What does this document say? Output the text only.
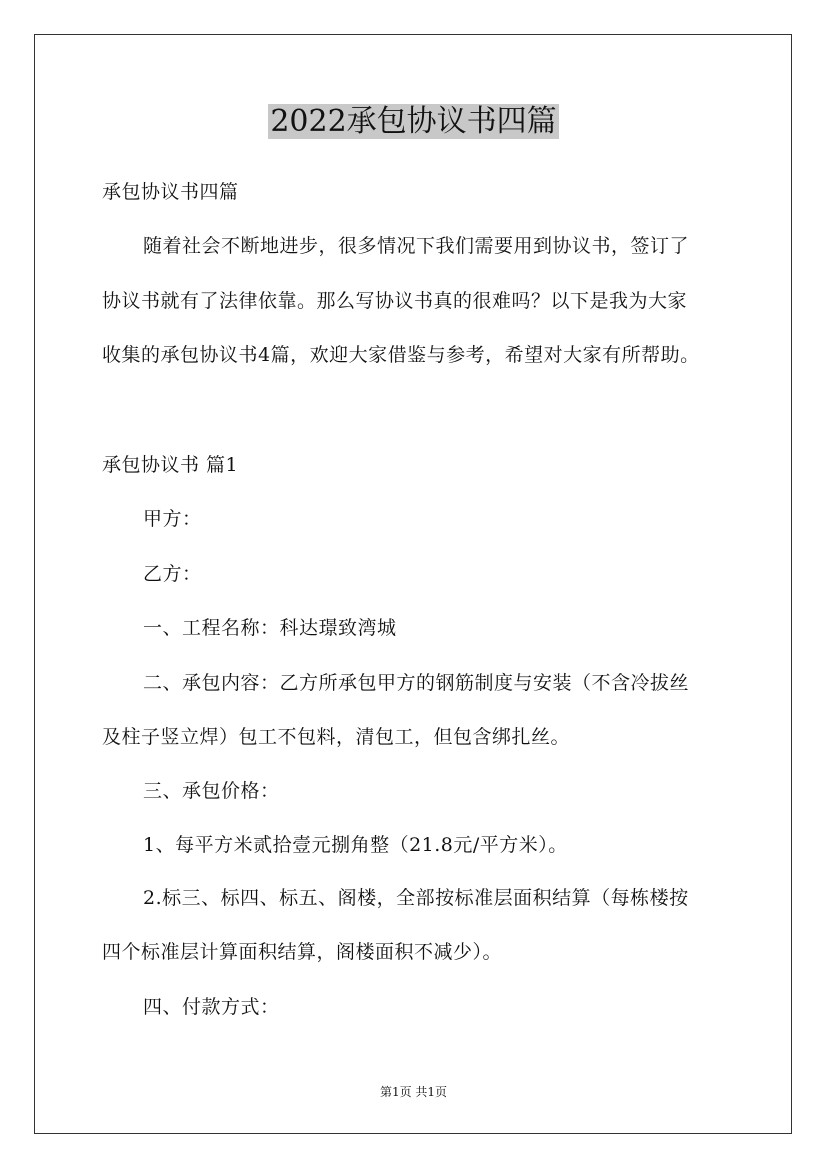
2022承包协议书四篇
承包协议书四篇
随着社会不断地进步，很多情况下我们需要用到协议书，签订了
协议书就有了法律依靠。那么写协议书真的很难吗？以下是我为大家
收集的承包协议书4篇，欢迎大家借鉴与参考，希望对大家有所帮助。
承包协议书 篇1
甲方：
乙方：
一、工程名称：科达璟致湾城
二、承包内容：乙方所承包甲方的钢筋制度与安装（不含冷拔丝
及柱子竖立焊）包工不包料，清包工，但包含绑扎丝。
三、承包价格：
1、每平方米贰拾壹元捌角整（21.8元/平方米）。
2.标三、标四、标五、阁楼，全部按标准层面积结算（每栋楼按
四个标准层计算面积结算，阁楼面积不减少）。
四、付款方式：
第1页 共1页
